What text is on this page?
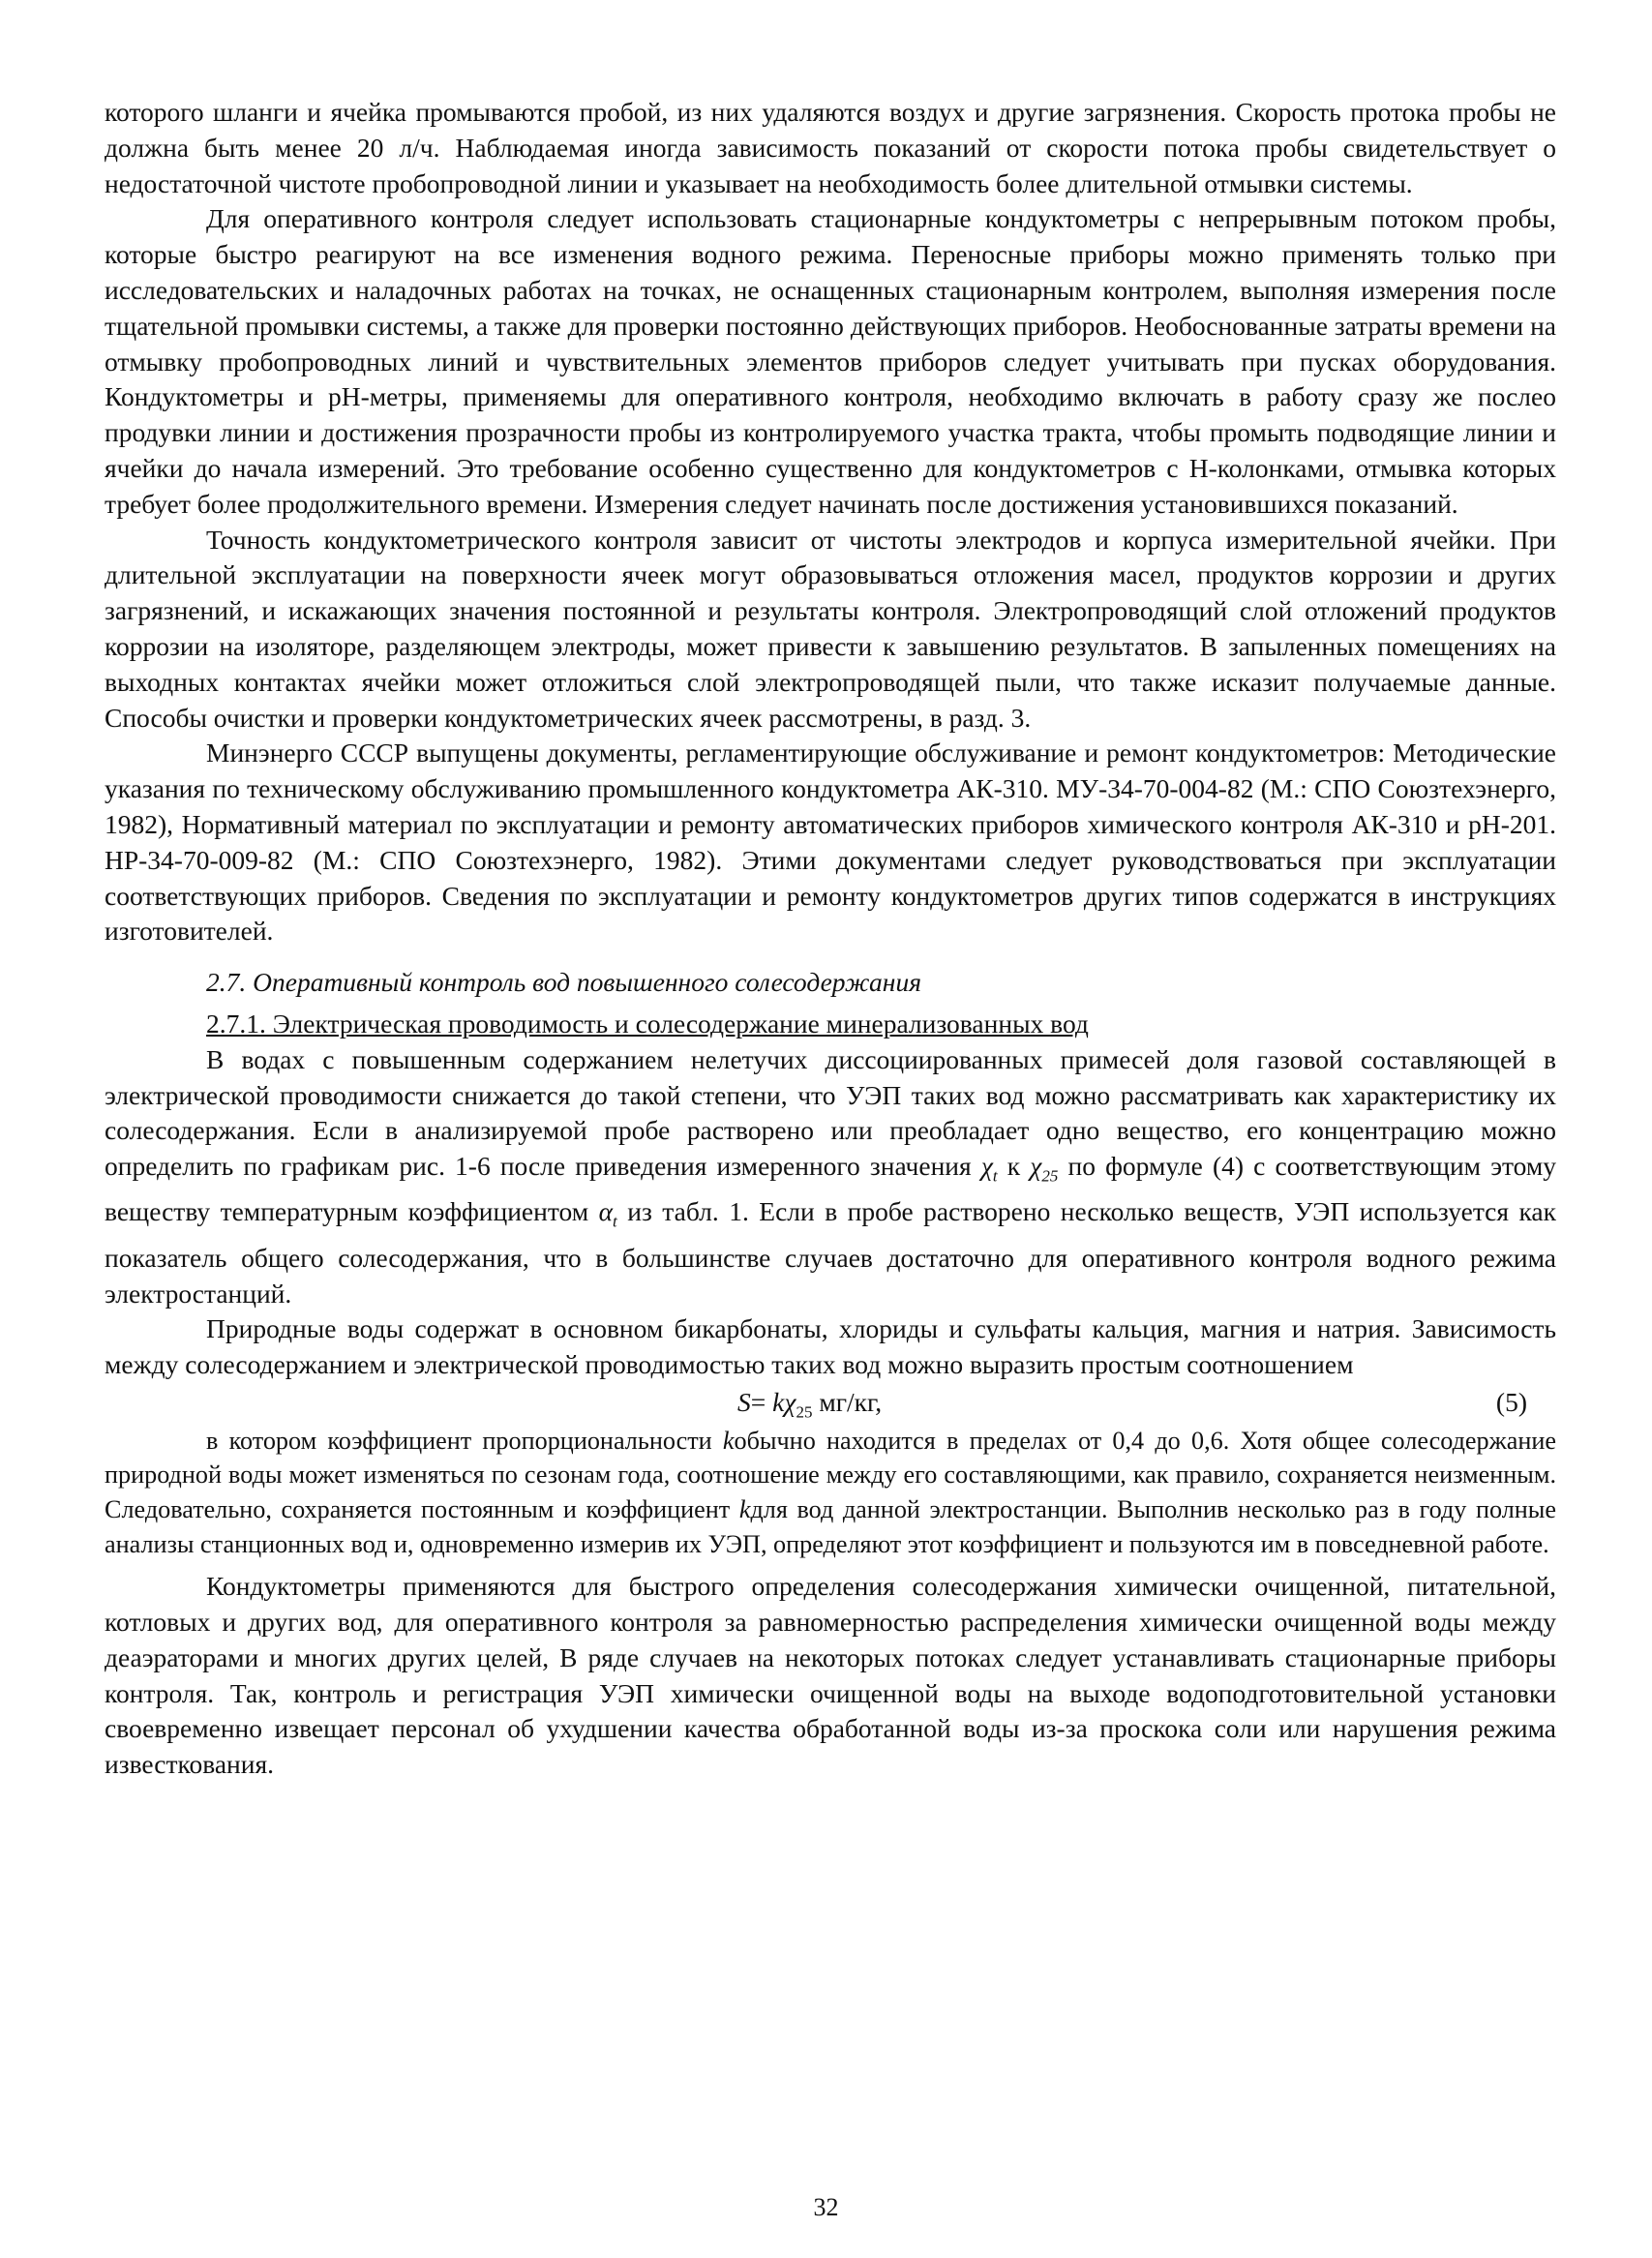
которого шланги и ячейка промываются пробой, из них удаляются воздух и другие загрязнения. Скорость протока пробы не должна быть менее 20 л/ч. Наблюдаемая иногда зависимость показаний от скорости потока пробы свидетельствует о недостаточной чистоте пробопроводной линии и указывает на необходимость более длительной отмывки системы.

Для оперативного контроля следует использовать стационарные кондуктометры с непрерывным потоком пробы, которые быстро реагируют на все изменения водного режима. Переносные приборы можно применять только при исследовательских и наладочных работах на точках, не оснащенных стационарным контролем, выполняя измерения после тщательной промывки системы, а также для проверки постоянно действующих приборов. Необоснованные затраты времени на отмывку пробопроводных линий и чувствительных элементов приборов следует учитывать при пусках оборудования. Кондуктометры и рН-метры, применяемы для оперативного контроля, необходимо включать в работу сразу же послео продувки линии и достижения прозрачности пробы из контролируемого участка тракта, чтобы промыть подводящие линии и ячейки до начала измерений. Это требование особенно существенно для кондуктометров с Н-колонками, отмывка которых требует более продолжительного времени. Измерения следует начинать после достижения установившихся показаний.

Точность кондуктометрического контроля зависит от чистоты электродов и корпуса измерительной ячейки. При длительной эксплуатации на поверхности ячеек могут образовываться отложения масел, продуктов коррозии и других загрязнений, и искажающих значения постоянной и результаты контроля. Электропроводящий слой отложений продуктов коррозии на изоляторе, разделяющем электроды, может привести к завышению результатов. В запыленных помещениях на выходных контактах ячейки может отложиться слой электропроводящей пыли, что также исказит получаемые данные. Способы очистки и проверки кондуктометрических ячеек рассмотрены, в разд. 3.

Минэнерго СССР выпущены документы, регламентирующие обслуживание и ремонт кондуктометров: Методические указания по техническому обслуживанию промышленного кондуктометра АК-310. МУ-34-70-004-82 (М.: СПО Союзтехэнерго, 1982), Нормативный материал по эксплуатации и ремонту автоматических приборов химического контроля АК-310 и рН-201. НР-34-70-009-82 (М.: СПО Союзтехэнерго, 1982). Этими документами следует руководствоваться при эксплуатации соответствующих приборов. Сведения по эксплуатации и ремонту кондуктометров других типов содержатся в инструкциях изготовителей.

2.7. Оперативный контроль вод повышенного солесодержания

2.7.1. Электрическая проводимость и солесодержание минерализованных вод

В водах с повышенным содержанием нелетучих диссоциированных примесей доля газовой составляющей в электрической проводимости снижается до такой степени, что УЭП таких вод можно рассматривать как характеристику их солесодержания. Если в анализируемой пробе растворено или преобладает одно вещество, его концентрацию можно определить по графикам рис. 1-6 после приведения измеренного значения $\chi_t$ к $\chi_{25}$ по формуле (4) с соответствующим этому веществу температурным коэффициентом $\alpha_t$ из табл. 1. Если в пробе растворено несколько веществ, УЭП используется как показатель общего солесодержания, что в большинстве случаев достаточно для оперативного контроля водного режима электростанций.

Природные воды содержат в основном бикарбонаты, хлориды и сульфаты кальция, магния и натрия. Зависимость между солесодержанием и электрической проводимостью таких вод можно выразить простым соотношением

$S= k\chi_{25}$ мг/кг,	(5)

в котором коэффициент пропорциональности kобычно находится в пределах от 0,4 до 0,6. Хотя общее солесодержание природной воды может изменяться по сезонам года, соотношение между его составляющими, как правило, сохраняется неизменным. Следовательно, сохраняется постоянным и коэффициент kдля вод данной электростанции. Выполнив несколько раз в году полные анализы станционных вод и, одновременно измерив их УЭП, определяют этот коэффициент и пользуются им в повседневной работе.

Кондуктометры применяются для быстрого определения солесодержания химически очищенной, питательной, котловых и других вод, для оперативного контроля за равномерностью распределения химически очищенной воды между деаэраторами и многих других целей, В ряде случаев на некоторых потоках следует устанавливать стационарные приборы контроля. Так, контроль и регистрация УЭП химически очищенной воды на выходе водоподготовительной установки своевременно извещает персонал об ухудшении качества обработанной воды из-за проскока соли или нарушения режима известкования.

32
